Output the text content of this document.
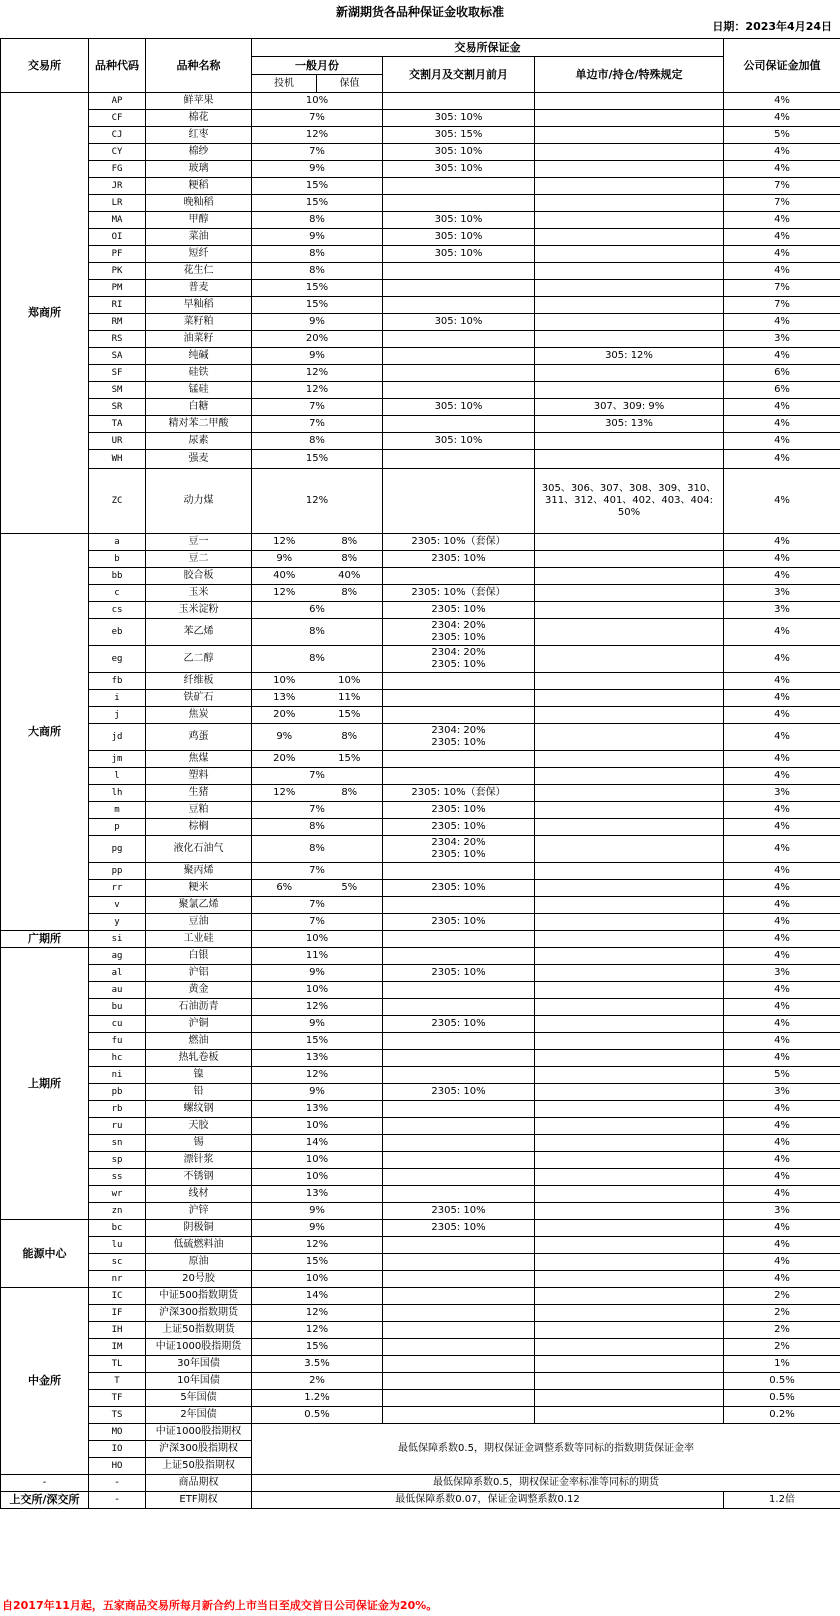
新湖期货各品种保证金收取标准
日期：2023年4月24日
交易所	品种代码	品种名称	交易所保证金				公司保证金加值
			一般月份		交割月及交割月前月	单边市/持仓/特殊规定	
			投机	保值			
郑商所	AP	鲜苹果	10%				4%
	CF	棉花	7%		305: 10%		4%
	CJ	红枣	12%		305: 15%		5%
	CY	棉纱	7%		305: 10%		4%
	FG	玻璃	9%		305: 10%		4%
	JR	粳稻	15%				7%
	LR	晚籼稻	15%				7%
	MA	甲醇	8%		305: 10%		4%
	OI	菜油	9%		305: 10%		4%
	PF	短纤	8%		305: 10%		4%
	PK	花生仁	8%				4%
	PM	普麦	15%				7%
	RI	早籼稻	15%				7%
	RM	菜籽粕	9%		305: 10%		4%
	RS	油菜籽	20%				3%
	SA	纯碱	9%			305: 12%	4%
	SF	硅铁	12%				6%
	SM	锰硅	12%				6%
	SR	白糖	7%		305: 10%	307、309: 9%	4%
	TA	精对苯二甲酸	7%			305: 13%	4%
	UR	尿素	8%		305: 10%		4%
	WH	强麦	15%				4%
	ZC	动力煤	12%			305、306、307、308、309、310、311、312、401、402、403、404: 50%	4%
大商所	a	豆一	12%	8%	2305: 10%（套保）		4%
	b	豆二	9%	8%	2305: 10%		4%
	bb	胶合板	40%	40%			4%
	c	玉米	12%	8%	2305: 10%（套保）		3%
	cs	玉米淀粉	6%		2305: 10%		3%
	eb	苯乙烯	8%		2304: 20%
2305: 10%		4%
	eg	乙二醇	8%		2304: 20%
2305: 10%		4%
	fb	纤维板	10%	10%			4%
	i	铁矿石	13%	11%			4%
	j	焦炭	20%	15%			4%
	jd	鸡蛋	9%	8%	2304: 20%
2305: 10%		4%
	jm	焦煤	20%	15%			4%
	l	塑料	7%				4%
	lh	生猪	12%	8%	2305: 10%（套保）		3%
	m	豆粕	7%		2305: 10%		4%
	p	棕榈	8%		2305: 10%		4%
	pg	液化石油气	8%		2304: 20%
2305: 10%		4%
	pp	聚丙烯	7%				4%
	rr	粳米	6%	5%	2305: 10%		4%
	v	聚氯乙烯	7%				4%
	y	豆油	7%		2305: 10%		4%
广期所	si	工业硅	10%				4%
上期所	ag	白银	11%				4%
	al	沪铝	9%		2305: 10%		3%
	au	黄金	10%				4%
	bu	石油沥青	12%				4%
	cu	沪铜	9%		2305: 10%		4%
	fu	燃油	15%				4%
	hc	热轧卷板	13%				4%
	ni	镍	12%				5%
	pb	铅	9%		2305: 10%		3%
	rb	螺纹钢	13%				4%
	ru	天胶	10%				4%
	sn	锡	14%				4%
	sp	漂针浆	10%				4%
	ss	不锈钢	10%				4%
	wr	线材	13%				4%
	zn	沪锌	9%		2305: 10%		3%
能源中心	bc	阴极铜	9%		2305: 10%		4%
	lu	低硫燃料油	12%				4%
	sc	原油	15%				4%
	nr	20号胶	10%				4%
中金所	IC	中证500指数期货	14%				2%
	IF	沪深300指数期货	12%				2%
	IH	上证50指数期货	12%				2%
	IM	中证1000股指期货	15%				2%
	TL	30年国债	3.5%				1%
	T	10年国债	2%				0.5%
	TF	5年国债	1.2%				0.5%
	TS	2年国债	0.5%				0.2%
	MO	中证1000股指期权	最低保障系数0.5，期权保证金调整系数等同标的指数期货保证金率				
	IO	沪深300股指期权					
	HO	上证50股指期权					
-	-	商品期权	最低保障系数0.5，期权保证金率标准等同标的期货				
上交所/深交所	-	ETF期权	最低保障系数0.07，保证金调整系数0.12				1.2倍
自2017年11月起，五家商品交易所每月新合约上市当日至成交首日公司保证金为20%。
